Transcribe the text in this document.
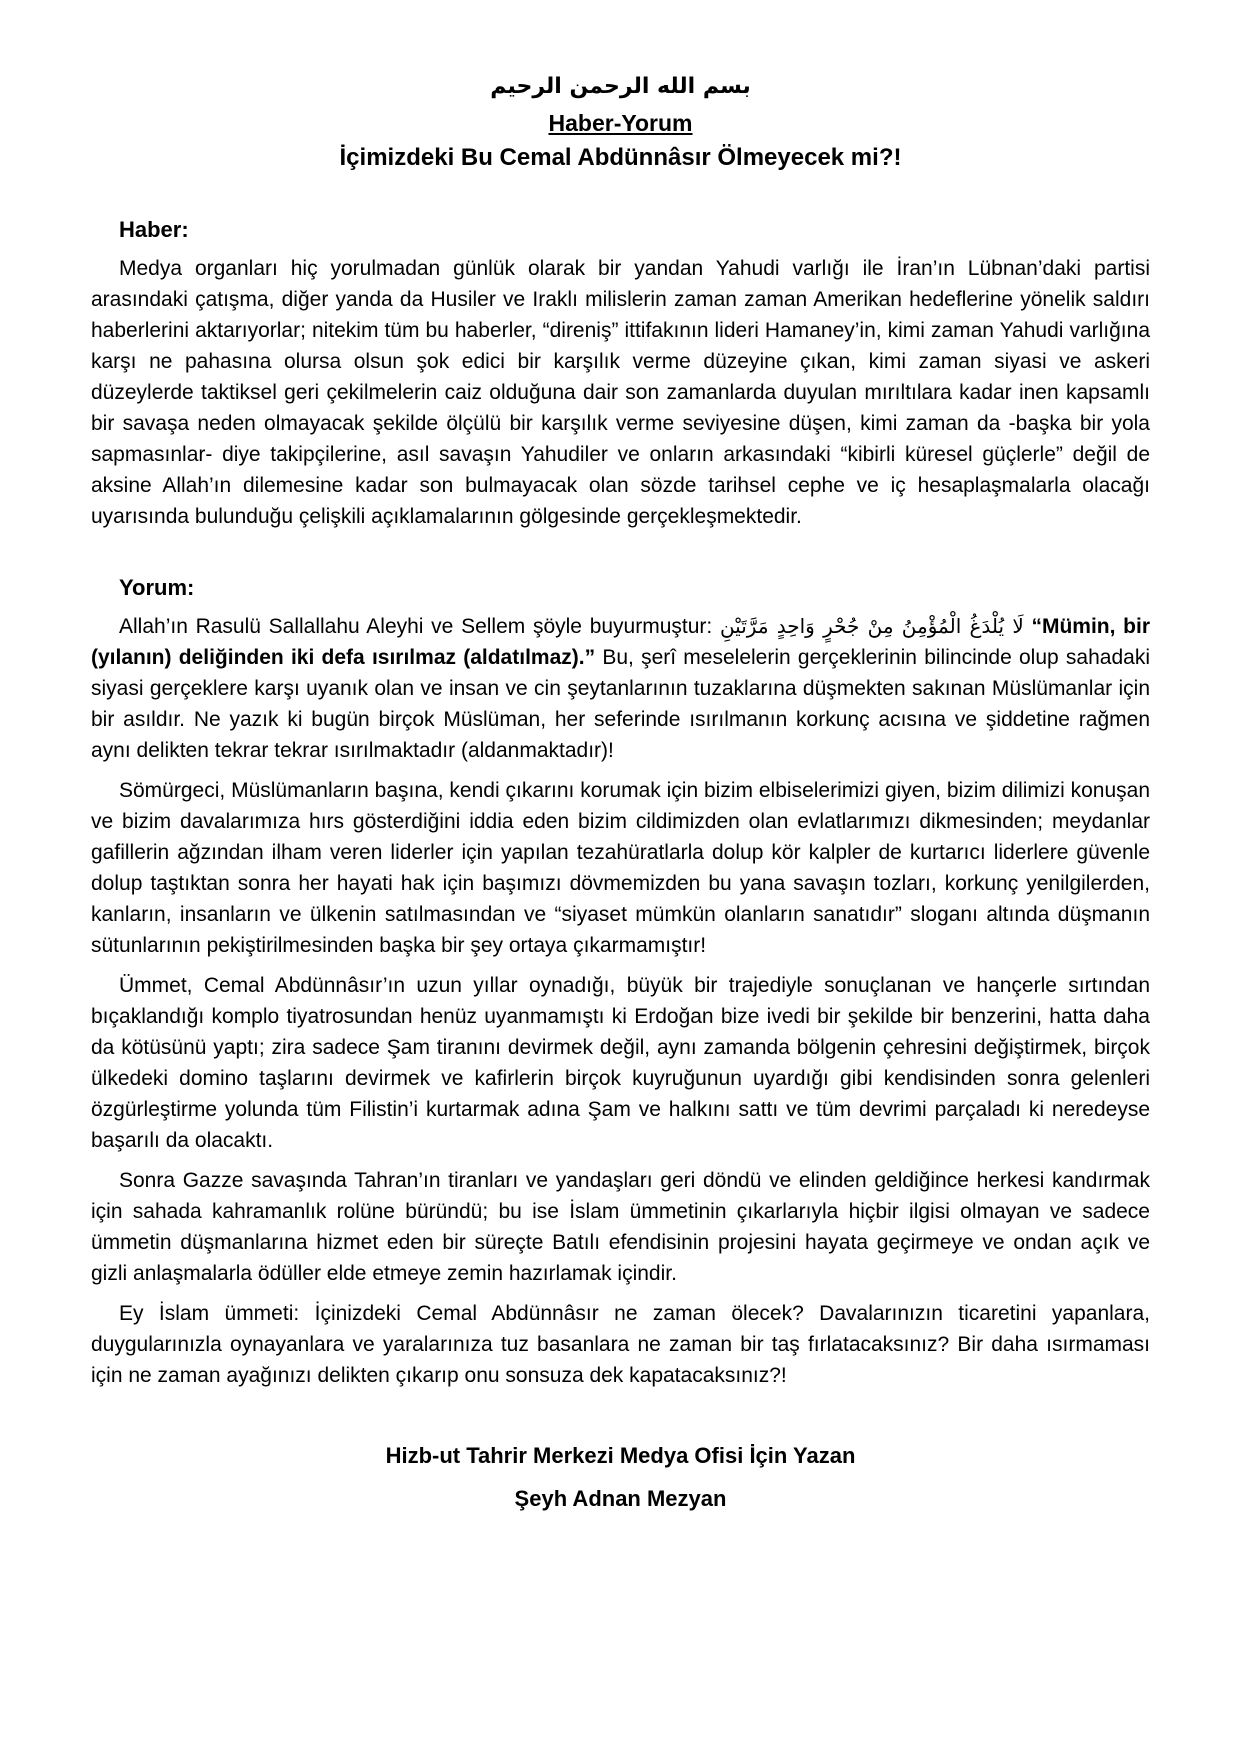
بسم الله الرحمن الرحيم
Haber-Yorum
İçimizdeki Bu Cemal Abdünnâsır Ölmeyecek mi?!
Haber:

Medya organları hiç yorulmadan günlük olarak bir yandan Yahudi varlığı ile İran’ın Lübnan’daki partisi arasındaki çatışma, diğer yanda da Husiler ve Iraklı milislerin zaman zaman Amerikan hedeflerine yönelik saldırı haberlerini aktarıyorlar; nitekim tüm bu haberler, “direniş” ittifakının lideri Hamaney’in, kimi zaman Yahudi varlığına karşı ne pahasına olursa olsun şok edici bir karşılık verme düzeyine çıkan, kimi zaman siyasi ve askeri düzeylerde taktiksel geri çekilmelerin caiz olduğuna dair son zamanlarda duyulan mırıltılara kadar inen kapsamlı bir savaşa neden olmayacak şekilde ölçülü bir karşılık verme seviyesine düşen, kimi zaman da -başka bir yola sapmasınlar- diye takipçilerine, asıl savaşın Yahudiler ve onların arkasındaki “kibirli küresel güçlerle” değil de aksine Allah’ın dilemesine kadar son bulmayacak olan sözde tarihsel cephe ve iç hesaplaşmalarla olacağı uyarısında bulunduğu çelişkili açıklamalarının gölgesinde gerçekleşmektedir.

Yorum:

Allah’ın Rasulü Sallallahu Aleyhi ve Sellem şöyle buyurmuştur: لَا يُلْدَغُ الْمُؤْمِنُ مِنْ جُحْرٍ وَاحِدٍ مَرَّتَيْنِ “Mümin, bir (yılanın) deliğinden iki defa ısırılmaz (aldatılmaz).” Bu, şerî meselelerin gerçeklerinin bilincinde olup sahadaki siyasi gerçeklere karşı uyanık olan ve insan ve cin şeytanlarının tuzaklarına düşmekten sakınan Müslümanlar için bir asıldır. Ne yazık ki bugün birçok Müslüman, her seferinde ısırılmanın korkunç acısına ve şiddetine rağmen aynı delikten tekrar tekrar ısırılmaktadır (aldanmaktadır)!

Sömürgeci, Müslümanların başına, kendi çıkarını korumak için bizim elbiselerimizi giyen, bizim dilimizi konuşan ve bizim davalarımıza hırs gösterdiğini iddia eden bizim cildimizden olan evlatlarımızı dikmesinden; meydanlar gafillerin ağzından ilham veren liderler için yapılan tezahüratlarla dolup kör kalpler de kurtarıcı liderlere güvenle dolup taştıktan sonra her hayati hak için başımızı dövmemizden bu yana savaşın tozları, korkunç yenilgilerden, kanların, insanların ve ülkenin satılmasından ve “siyaset mümkün olanların sanatıdır” sloganı altında düşmanın sütunlarının pekiştirilmesinden başka bir şey ortaya çıkarmamıştır!

Ümmet, Cemal Abdünnâsır’ın uzun yıllar oynadığı, büyük bir trajediyle sonuçlanan ve hançerle sırtından bıçaklandığı komplo tiyatrosundan henüz uyanmamıştı ki Erdoğan bize ivedi bir şekilde bir benzerini, hatta daha da kötüsünü yaptı; zira sadece Şam tiranını devirmek değil, aynı zamanda bölgenin çehresini değiştirmek, birçok ülkedeki domino taşlarını devirmek ve kafirlerin birçok kuyruğunun uyardığı gibi kendisinden sonra gelenleri özgürleştirme yolunda tüm Filistin’i kurtarmak adına Şam ve halkını sattı ve tüm devrimi parçaladı ki neredeyse başarılı da olacaktı.

Sonra Gazze savaşında Tahran’ın tiranları ve yandaşları geri döndü ve elinden geldiğince herkesi kandırmak için sahada kahramanlık rolüne büründü; bu ise İslam ümmetinin çıkarlarıyla hiçbir ilgisi olmayan ve sadece ümmetin düşmanlarına hizmet eden bir süreçte Batılı efendisinin projesini hayata geçirmeye ve ondan açık ve gizli anlaşmalarla ödüller elde etmeye zemin hazırlamak içindir.

Ey İslam ümmeti: İçinizdeki Cemal Abdünnâsır ne zaman ölecek? Davalarınızın ticaretini yapanlara, duygularınızla oynayanlara ve yaralarınıza tuz basanlara ne zaman bir taş fırlatacaksınız? Bir daha ısırmaması için ne zaman ayağınızı delikten çıkarıp onu sonsuza dek kapatacaksınız?!

Hizb-ut Tahrir Merkezi Medya Ofisi İçin Yazan
Şeyh Adnan Mezyan
